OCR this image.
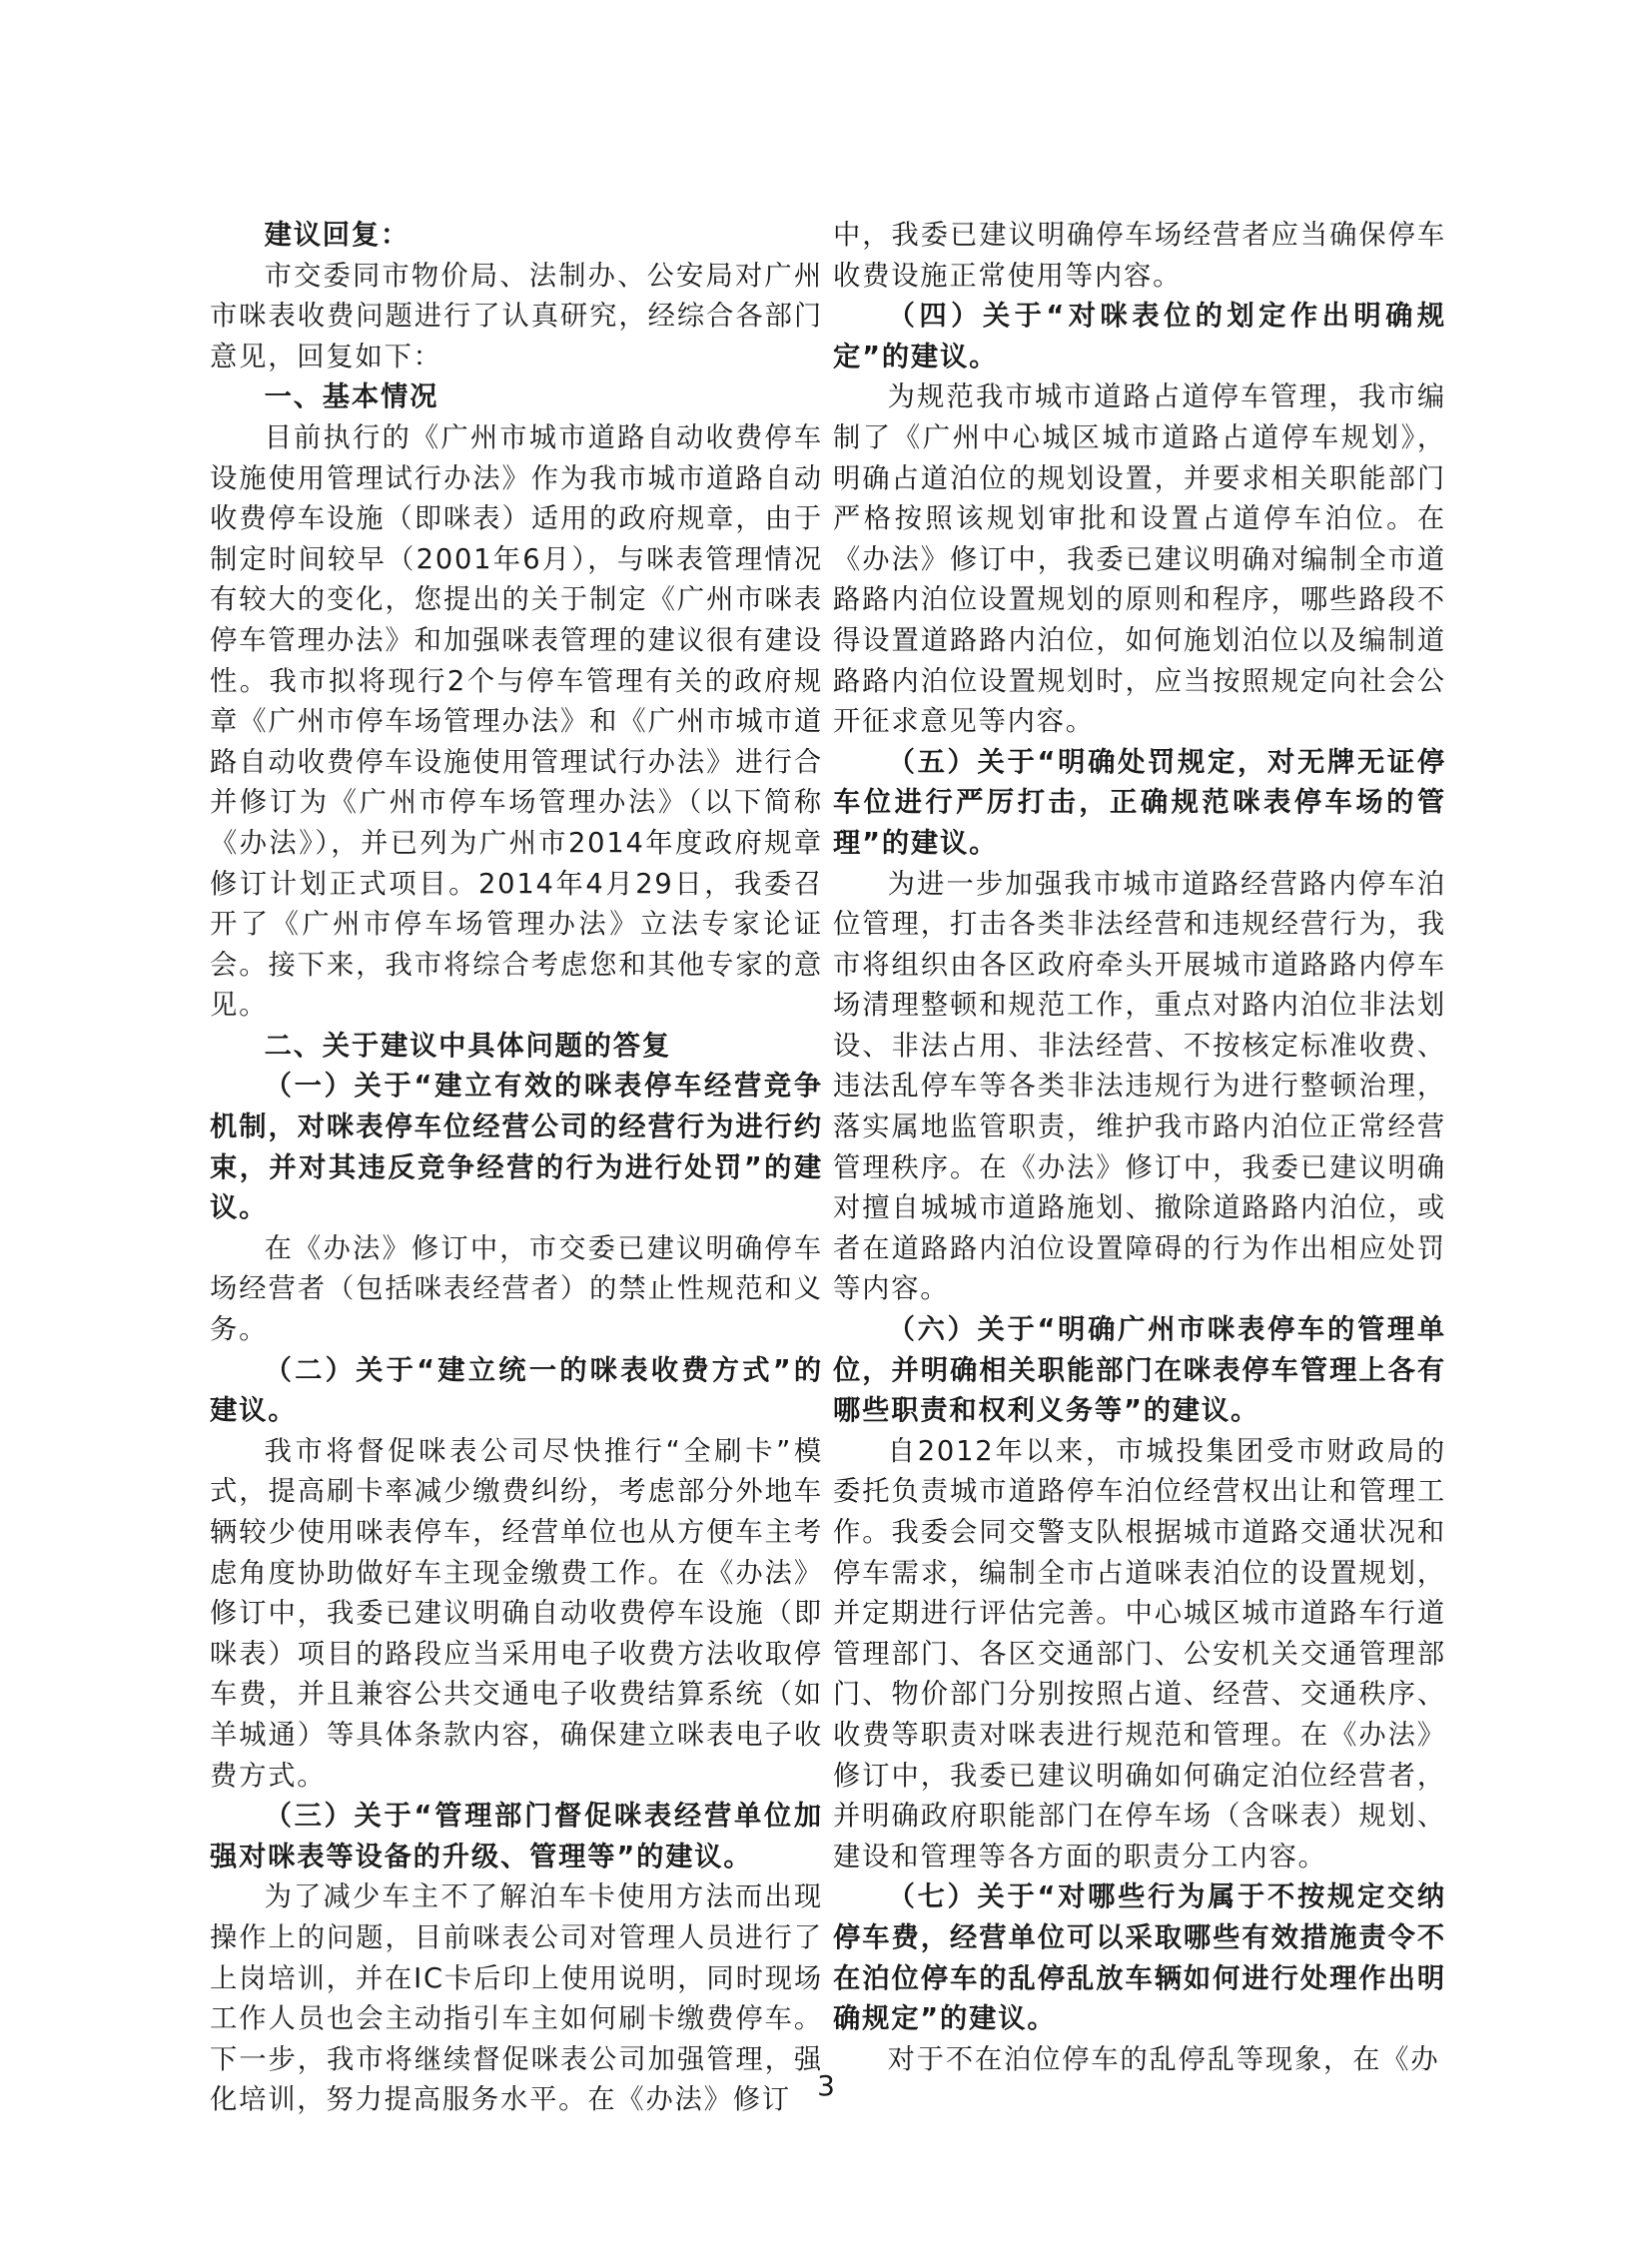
建议回复：

市交委同市物价局、法制办、公安局对广州市咪表收费问题进行了认真研究，经综合各部门意见，回复如下：

一、基本情况

目前执行的《广州市城市道路自动收费停车设施使用管理试行办法》作为我市城市道路自动收费停车设施（即咪表）适用的政府规章，由于制定时间较早（2001年6月），与咪表管理情况有较大的变化，您提出的关于制定《广州市咪表停车管理办法》和加强咪表管理的建议很有建设性。我市拟将现行2个与停车管理有关的政府规章《广州市停车场管理办法》和《广州市城市道路自动收费停车设施使用管理试行办法》进行合并修订为《广州市停车场管理办法》（以下简称《办法》），并已列为广州市2014年度政府规章修订计划正式项目。2014年4月29日，我委召开了《广州市停车场管理办法》立法专家论证会。接下来，我市将综合考虑您和其他专家的意见。

二、关于建议中具体问题的答复

（一）关于“建立有效的咪表停车经营竞争机制，对咪表停车位经营公司的经营行为进行约束，并对其违反竞争经营的行为进行处罚”的建议。

在《办法》修订中，市交委已建议明确停车场经营者（包括咪表经营者）的禁止性规范和义务。

（二）关于“建立统一的咪表收费方式”的建议。

我市将督促咪表公司尽快推行“全刷卡”模式，提高刷卡率减少缴费纠纷，考虑部分外地车辆较少使用咪表停车，经营单位也从方便车主考虑角度协助做好车主现金缴费工作。在《办法》修订中，我委已建议明确自动收费停车设施（即咪表）项目的路段应当采用电子收费方法收取停车费，并且兼容公共交通电子收费结算系统（如羊城通）等具体条款内容，确保建立咪表电子收费方式。

（三）关于“管理部门督促咪表经营单位加强对咪表等设备的升级、管理等”的建议。

为了减少车主不了解泊车卡使用方法而出现操作上的问题，目前咪表公司对管理人员进行了上岗培训，并在IC卡后印上使用说明，同时现场工作人员也会主动指引车主如何刷卡缴费停车。下一步，我市将继续督促咪表公司加强管理，强化培训，努力提高服务水平。在《办法》修订

中，我委已建议明确停车场经营者应当确保停车收费设施正常使用等内容。

（四）关于“对咪表位的划定作出明确规定”的建议。

为规范我市城市道路占道停车管理，我市编制了《广州中心城区城市道路占道停车规划》，明确占道泊位的规划设置，并要求相关职能部门严格按照该规划审批和设置占道停车泊位。在《办法》修订中，我委已建议明确对编制全市道路路内泊位设置规划的原则和程序，哪些路段不得设置道路路内泊位，如何施划泊位以及编制道路路内泊位设置规划时，应当按照规定向社会公开征求意见等内容。

（五）关于“明确处罚规定，对无牌无证停车位进行严厉打击，正确规范咪表停车场的管理”的建议。

为进一步加强我市城市道路经营路内停车泊位管理，打击各类非法经营和违规经营行为，我市将组织由各区政府牵头开展城市道路路内停车场清理整顿和规范工作，重点对路内泊位非法划设、非法占用、非法经营、不按核定标准收费、违法乱停车等各类非法违规行为进行整顿治理，落实属地监管职责，维护我市路内泊位正常经营管理秩序。在《办法》修订中，我委已建议明确对擅自城城市道路施划、撤除道路路内泊位，或者在道路路内泊位设置障碍的行为作出相应处罚等内容。

（六）关于“明确广州市咪表停车的管理单位，并明确相关职能部门在咪表停车管理上各有哪些职责和权利义务等”的建议。

自2012年以来，市城投集团受市财政局的委托负责城市道路停车泊位经营权出让和管理工作。我委会同交警支队根据城市道路交通状况和停车需求，编制全市占道咪表泊位的设置规划，并定期进行评估完善。中心城区城市道路车行道管理部门、各区交通部门、公安机关交通管理部门、物价部门分别按照占道、经营、交通秩序、收费等职责对咪表进行规范和管理。在《办法》修订中，我委已建议明确如何确定泊位经营者，并明确政府职能部门在停车场（含咪表）规划、建设和管理等各方面的职责分工内容。

（七）关于“对哪些行为属于不按规定交纳停车费，经营单位可以采取哪些有效措施责令不在泊位停车的乱停乱放车辆如何进行处理作出明确规定”的建议。

对于不在泊位停车的乱停乱等现象，在《办

3
